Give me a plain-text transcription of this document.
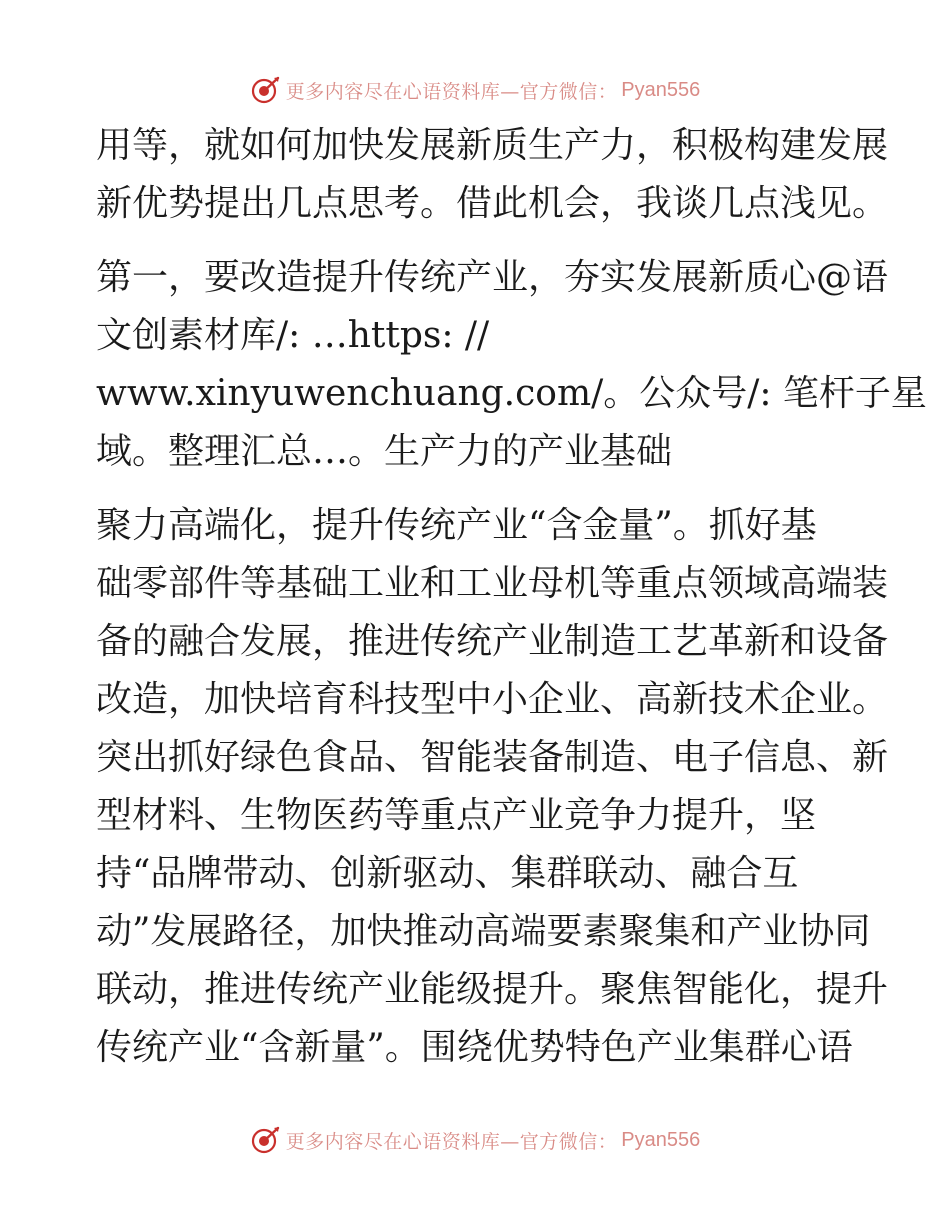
更多内容尽在心语资料库—官方微信： Pyan556
用等，就如何加快发展新质生产力，积极构建发展
新优势提出几点思考。借此机会，我谈几点浅见。
第一，要改造提升传统产业，夯实发展新质心@语
文创素材库/: …https: //
www.xinyuwenchuang.com/。公众号/: 笔杆子星
域。整理汇总…。生产力的产业基础
聚力高端化，提升传统产业“含金量”。抓好基
础零部件等基础工业和工业母机等重点领域高端装
备的融合发展，推进传统产业制造工艺革新和设备
改造，加快培育科技型中小企业、高新技术企业。
突出抓好绿色食品、智能装备制造、电子信息、新
型材料、生物医药等重点产业竞争力提升，坚
持“品牌带动、创新驱动、集群联动、融合互
动”发展路径，加快推动高端要素聚集和产业协同
联动，推进传统产业能级提升。聚焦智能化，提升
传统产业“含新量”。围绕优势特色产业集群心语
更多内容尽在心语资料库—官方微信： Pyan556
